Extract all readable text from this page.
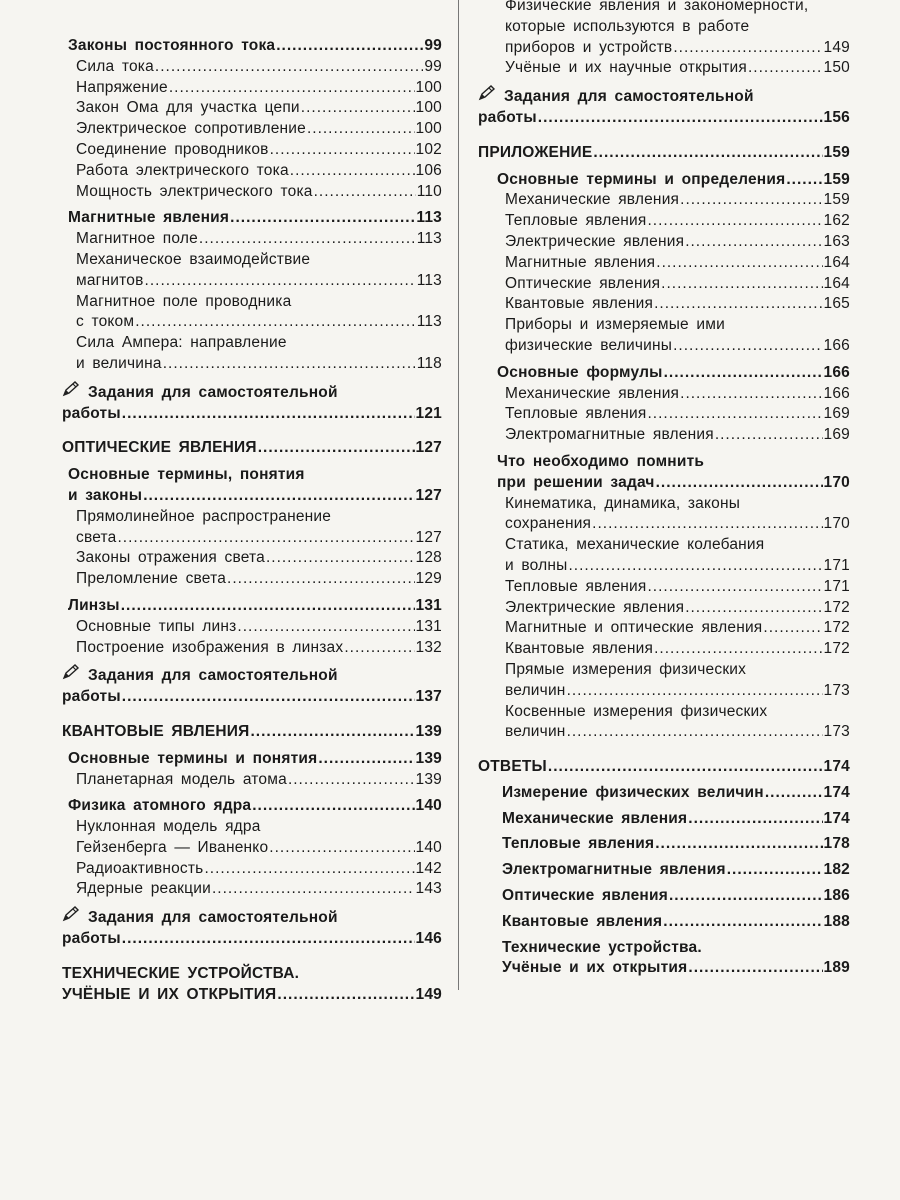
Законы постоянного тока .....	99
Сила тока .....	99
Напряжение .....	100
Закон Ома для участка цепи .....	100
Электрическое сопротивление .....	100
Соединение проводников .....	102
Работа электрического тока .....	106
Мощность электрического тока .....	110
Магнитные явления .....	113
Магнитное поле .....	113
Механическое взаимодействие
магнитов .....	113
Магнитное поле проводника
с током .....	113
Сила Ампера: направление
и величина .....	118
Задания для самостоятельной
работы .....	121
ОПТИЧЕСКИЕ ЯВЛЕНИЯ .....	127
Основные термины, понятия
и законы .....	127
Прямолинейное распространение
света .....	127
Законы отражения света .....	128
Преломление света .....	129
Линзы .....	131
Основные типы линз .....	131
Построение изображения в линзах .....	132
Задания для самостоятельной
работы .....	137
КВАНТОВЫЕ ЯВЛЕНИЯ .....	139
Основные термины и понятия .....	139
Планетарная модель атома .....	139
Физика атомного ядра .....	140
Нуклонная модель ядра
Гейзенберга — Иваненко .....	140
Радиоактивность .....	142
Ядерные реакции .....	143
Задания для самостоятельной
работы .....	146
ТЕХНИЧЕСКИЕ УСТРОЙСТВА.
УЧЁНЫЕ И ИХ ОТКРЫТИЯ .....	149
Физические явления и закономерности,
которые используются в работе
приборов и устройств .....	149
Учёные и их научные открытия .....	150
Задания для самостоятельной
работы .....	156
ПРИЛОЖЕНИЕ .....	159
Основные термины и определения ..... 159
Механические явления .....	159
Тепловые явления .....	162
Электрические явления .....	163
Магнитные явления .....	164
Оптические явления .....	164
Квантовые явления .....	165
Приборы и измеряемые ими
физические величины .....	166
Основные формулы .....	166
Механические явления .....	166
Тепловые явления .....	169
Электромагнитные явления .....	169
Что необходимо помнить
при решении задач .....	170
Кинематика, динамика, законы
сохранения .....	170
Статика, механические колебания
и волны .....	171
Тепловые явления .....	171
Электрические явления .....	172
Магнитные и оптические явления .....	172
Квантовые явления .....	172
Прямые измерения физических
величин .....	173
Косвенные измерения физических
величин .....	173
ОТВЕТЫ .....	174
Измерение физических величин .....	174
Механические явления .....	174
Тепловые явления .....	178
Электромагнитные явления .....	182
Оптические явления .....	186
Квантовые явления .....	188
Технические устройства.
Учёные и их открытия .....	189
